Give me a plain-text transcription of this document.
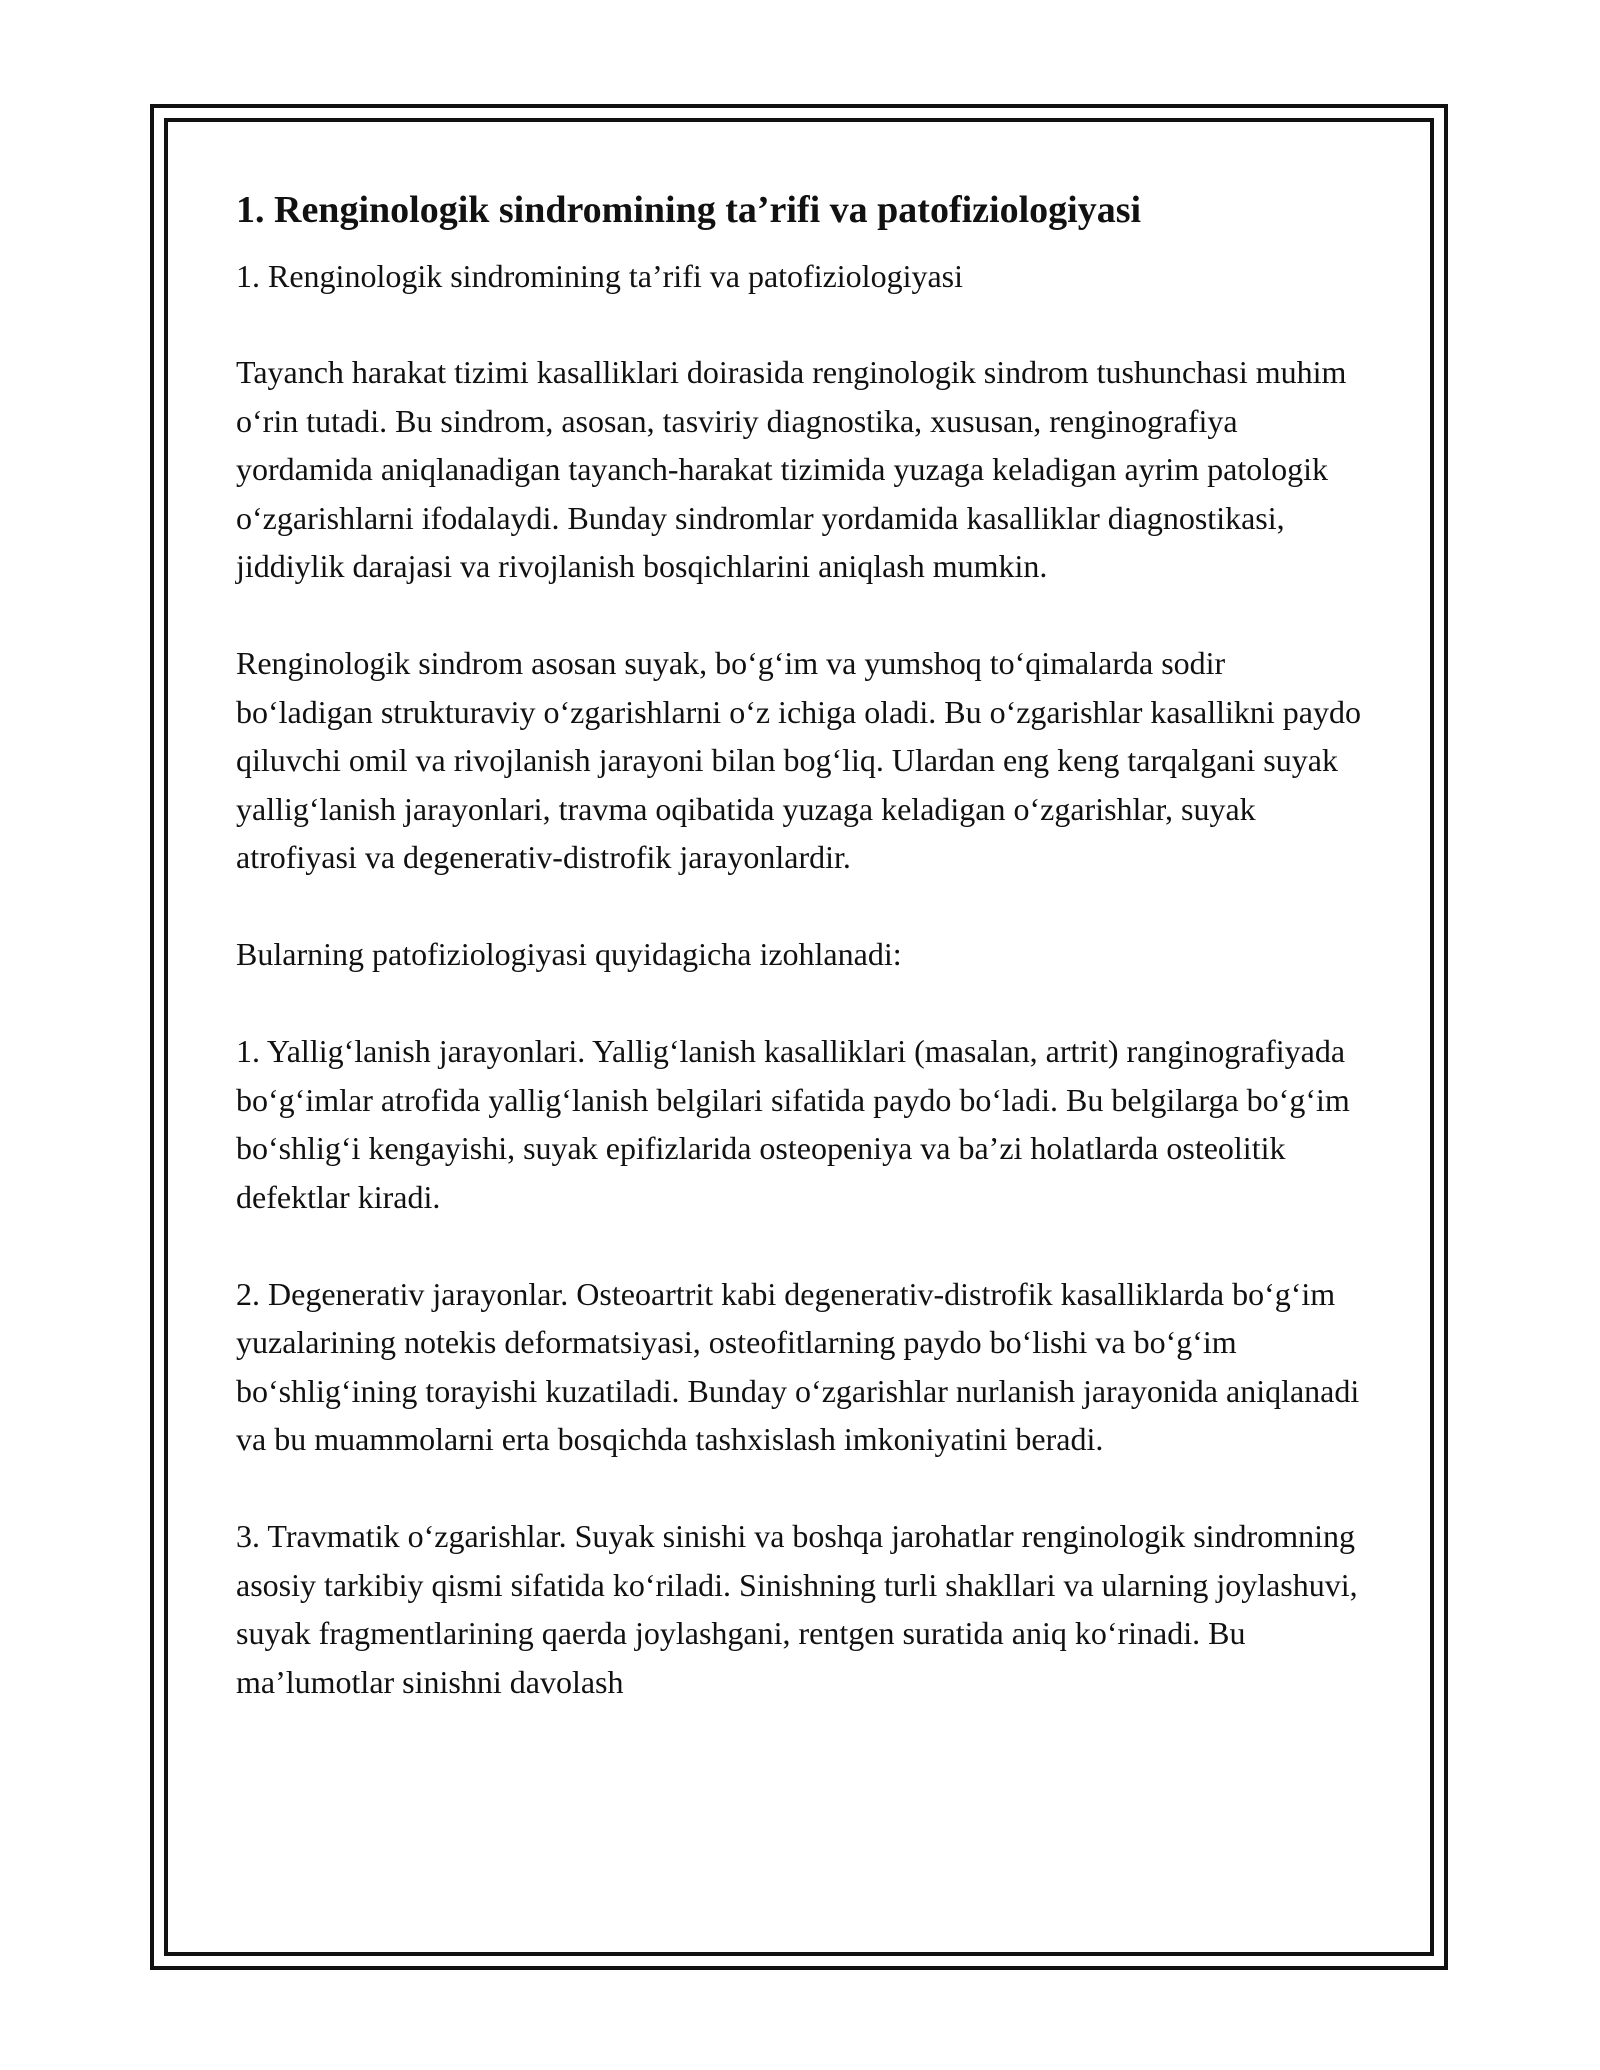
1. Renginologik sindromining ta’rifi va patofiziologiyasi

1. Renginologik sindromining ta’rifi va patofiziologiyasi

Tayanch harakat tizimi kasalliklari doirasida renginologik sindrom tushunchasi muhim o‘rin tutadi. Bu sindrom, asosan, tasviriy diagnostika, xususan, renginografiya yordamida aniqlanadigan tayanch-harakat tizimida yuzaga keladigan ayrim patologik o‘zgarishlarni ifodalaydi. Bunday sindromlar yordamida kasalliklar diagnostikasi, jiddiylik darajasi va rivojlanish bosqichlarini aniqlash mumkin.

Renginologik sindrom asosan suyak, bo‘g‘im va yumshoq to‘qimalarda sodir bo‘ladigan strukturaviy o‘zgarishlarni o‘z ichiga oladi. Bu o‘zgarishlar kasallikni paydo qiluvchi omil va rivojlanish jarayoni bilan bog‘liq. Ulardan eng keng tarqalgani suyak yallig‘lanish jarayonlari, travma oqibatida yuzaga keladigan o‘zgarishlar, suyak atrofiyasi va degenerativ-distrofik jarayonlardir.

Bularning patofiziologiyasi quyidagicha izohlanadi:

1. Yallig‘lanish jarayonlari. Yallig‘lanish kasalliklari (masalan, artrit) ranginografiyada bo‘g‘imlar atrofida yallig‘lanish belgilari sifatida paydo bo‘ladi. Bu belgilarga bo‘g‘im bo‘shlig‘i kengayishi, suyak epifizlarida osteopeniya va ba’zi holatlarda osteolitik defektlar kiradi.

2. Degenerativ jarayonlar. Osteoartrit kabi degenerativ-distrofik kasalliklarda bo‘g‘im yuzalarining notekis deformatsiyasi, osteofitlarning paydo bo‘lishi va bo‘g‘im bo‘shlig‘ining torayishi kuzatiladi. Bunday o‘zgarishlar nurlanish jarayonida aniqlanadi va bu muammolarni erta bosqichda tashxislash imkoniyatini beradi.

3. Travmatik o‘zgarishlar. Suyak sinishi va boshqa jarohatlar renginologik sindromning asosiy tarkibiy qismi sifatida ko‘riladi. Sinishning turli shakllari va ularning joylashuvi, suyak fragmentlarining qaerda joylashgani, rentgen suratida aniq ko‘rinadi. Bu ma’lumotlar sinishni davolash
